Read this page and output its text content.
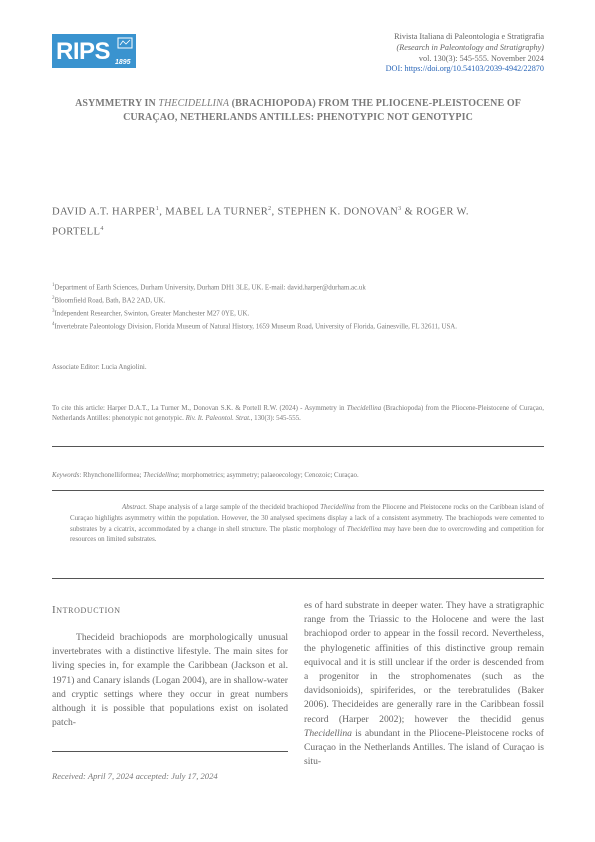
RIPS 1895
Rivista Italiana di Paleontologia e Stratigrafia
(Research in Paleontology and Stratigraphy)
vol. 130(3): 545-555. November 2024
DOI: https://doi.org/10.54103/2039-4942/22870
ASYMMETRY IN THECIDELLINA (BRACHIOPODA) FROM THE PLIOCENE-PLEISTOCENE OF CURAÇAO, NETHERLANDS ANTILLES: PHENOTYPIC NOT GENOTYPIC
DAVID A.T. HARPER$^1$, MABEL LA TURNER$^2$, STEPHEN K. DONOVAN$^3$ & ROGER W. PORTELL$^4$
$^1$Department of Earth Sciences, Durham University, Durham DH1 3LE, UK. E-mail: david.harper@durham.ac.uk
$^2$Bloomfield Road, Bath, BA2 2AD, UK.
$^3$Independent Researcher, Swinton, Greater Manchester M27 0YE, UK.
$^4$Invertebrate Paleontology Division, Florida Museum of Natural History, 1659 Museum Road, University of Florida, Gainesville, FL 32611, USA.
Associate Editor: Lucia Angiolini.
To cite this article: Harper D.A.T., La Turner M., Donovan S.K. & Portell R.W. (2024) - Asymmetry in Thecidellina (Brachiopoda) from the Pliocene-Pleistocene of Curaçao, Netherlands Antilles: phenotypic not genotypic. Riv. It. Paleontol. Strat., 130(3): 545-555.
Keywords: Rhynchonelliformea; Thecidellina; morphometrics; asymmetry; palaeoecology; Cenozoic; Curaçao.
Abstract. Shape analysis of a large sample of the thecideid brachiopod Thecidellina from the Pliocene and Pleistocene rocks on the Caribbean island of Curaçao highlights asymmetry within the population. However, the 30 analysed specimens display a lack of a consistent asymmetry. The brachiopods were cemented to substrates by a cicatrix, accommodated by a change in shell structure. The plastic morphology of Thecidellina may have been due to overcrowding and competition for resources on limited substrates.
Introduction
Thecideid brachiopods are morphologically unusual invertebrates with a distinctive lifestyle. The main sites for living species in, for example the Caribbean (Jackson et al. 1971) and Canary islands (Logan 2004), are in shallow-water and cryptic settings where they occur in great numbers although it is possible that populations exist on isolated patch-
es of hard substrate in deeper water. They have a stratigraphic range from the Triassic to the Holocene and were the last brachiopod order to appear in the fossil record. Nevertheless, the phylogenetic affinities of this distinctive group remain equivocal and it is still unclear if the order is descended from a progenitor in the strophomenates (such as the davidsonioids), spiriferides, or the terebratulides (Baker 2006). Thecideides are generally rare in the Caribbean fossil record (Harper 2002); however the thecidid genus Thecidellina is abundant in the Pliocene-Pleistocene rocks of Curaçao in the Netherlands Antilles. The island of Curaçao is situ-
Received: April 7, 2024 accepted: July 17, 2024
